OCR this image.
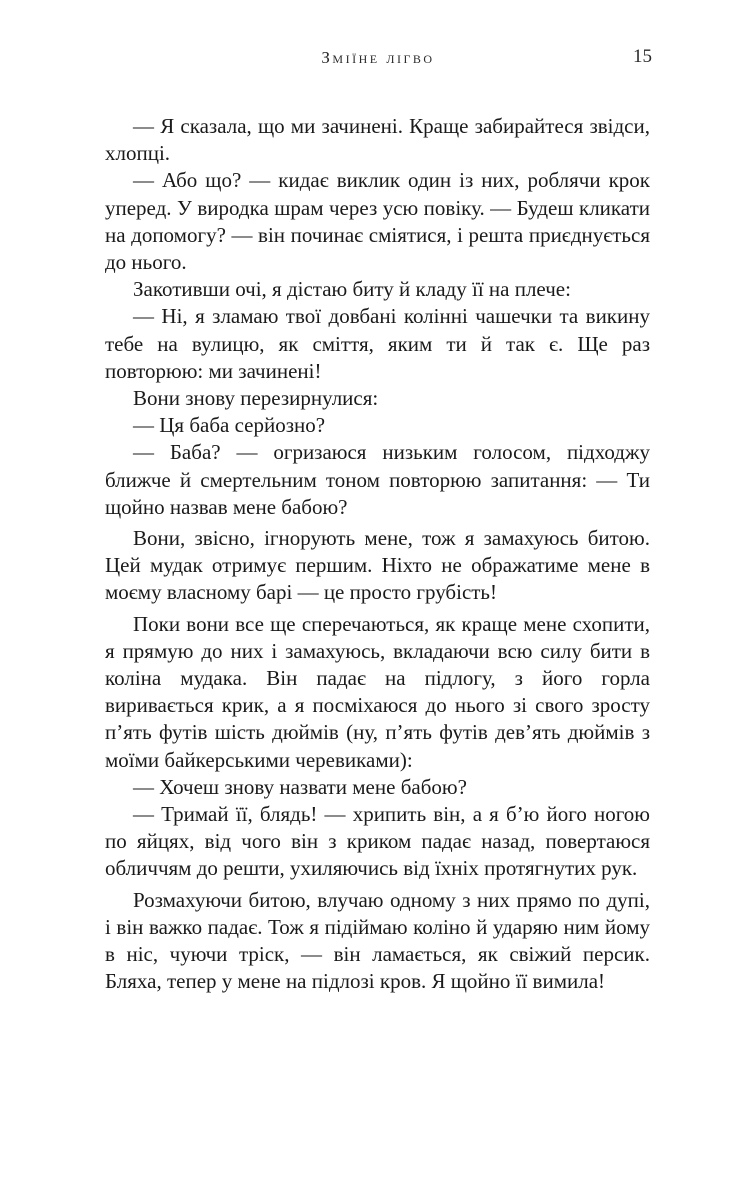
Зміїне лігво	15

— Я сказала, що ми зачинені. Краще забирайтеся звідси, хлопці.

— Або що? — кидає виклик один із них, роблячи крок уперед. У виродка шрам через усю повіку. — Будеш кликати на допомогу? — він починає сміятися, і решта приєднується до нього.

Закотивши очі, я дістаю биту й кладу її на плече:

— Ні, я зламаю твої довбані колінні чашечки та викину тебе на вулицю, як сміття, яким ти й так є. Ще раз повторюю: ми зачинені!

Вони знову перезирнулися:

— Ця баба серйозно?

— Баба? — огризаюся низьким голосом, підходжу ближче й смертельним тоном повторюю запитання: — Ти щойно назвав мене бабою?

Вони, звісно, ігнорують мене, тож я замахуюсь битою. Цей мудак отримує першим. Ніхто не ображатиме мене в моєму власному барі — це просто грубість!

Поки вони все ще сперечаються, як краще мене схопити, я прямую до них і замахуюсь, вкладаючи всю силу бити в коліна мудака. Він падає на підлогу, з його горла виривається крик, а я посміхаюся до нього зі свого зросту п’ять футів шість дюймів (ну, п’ять футів дев’ять дюймів з моїми байкерськими черевиками):

— Хочеш знову назвати мене бабою?

— Тримай її, блядь! — хрипить він, а я б’ю його ногою по яйцях, від чого він з криком падає назад, повертаюся обличчям до решти, ухиляючись від їхніх протягнутих рук.

Розмахуючи битою, влучаю одному з них прямо по дупі, і він важко падає. Тож я підіймаю коліно й ударяю ним йому в ніс, чуючи тріск, — він ламається, як свіжий персик. Бляха, тепер у мене на підлозі кров. Я щойно її вимила!
